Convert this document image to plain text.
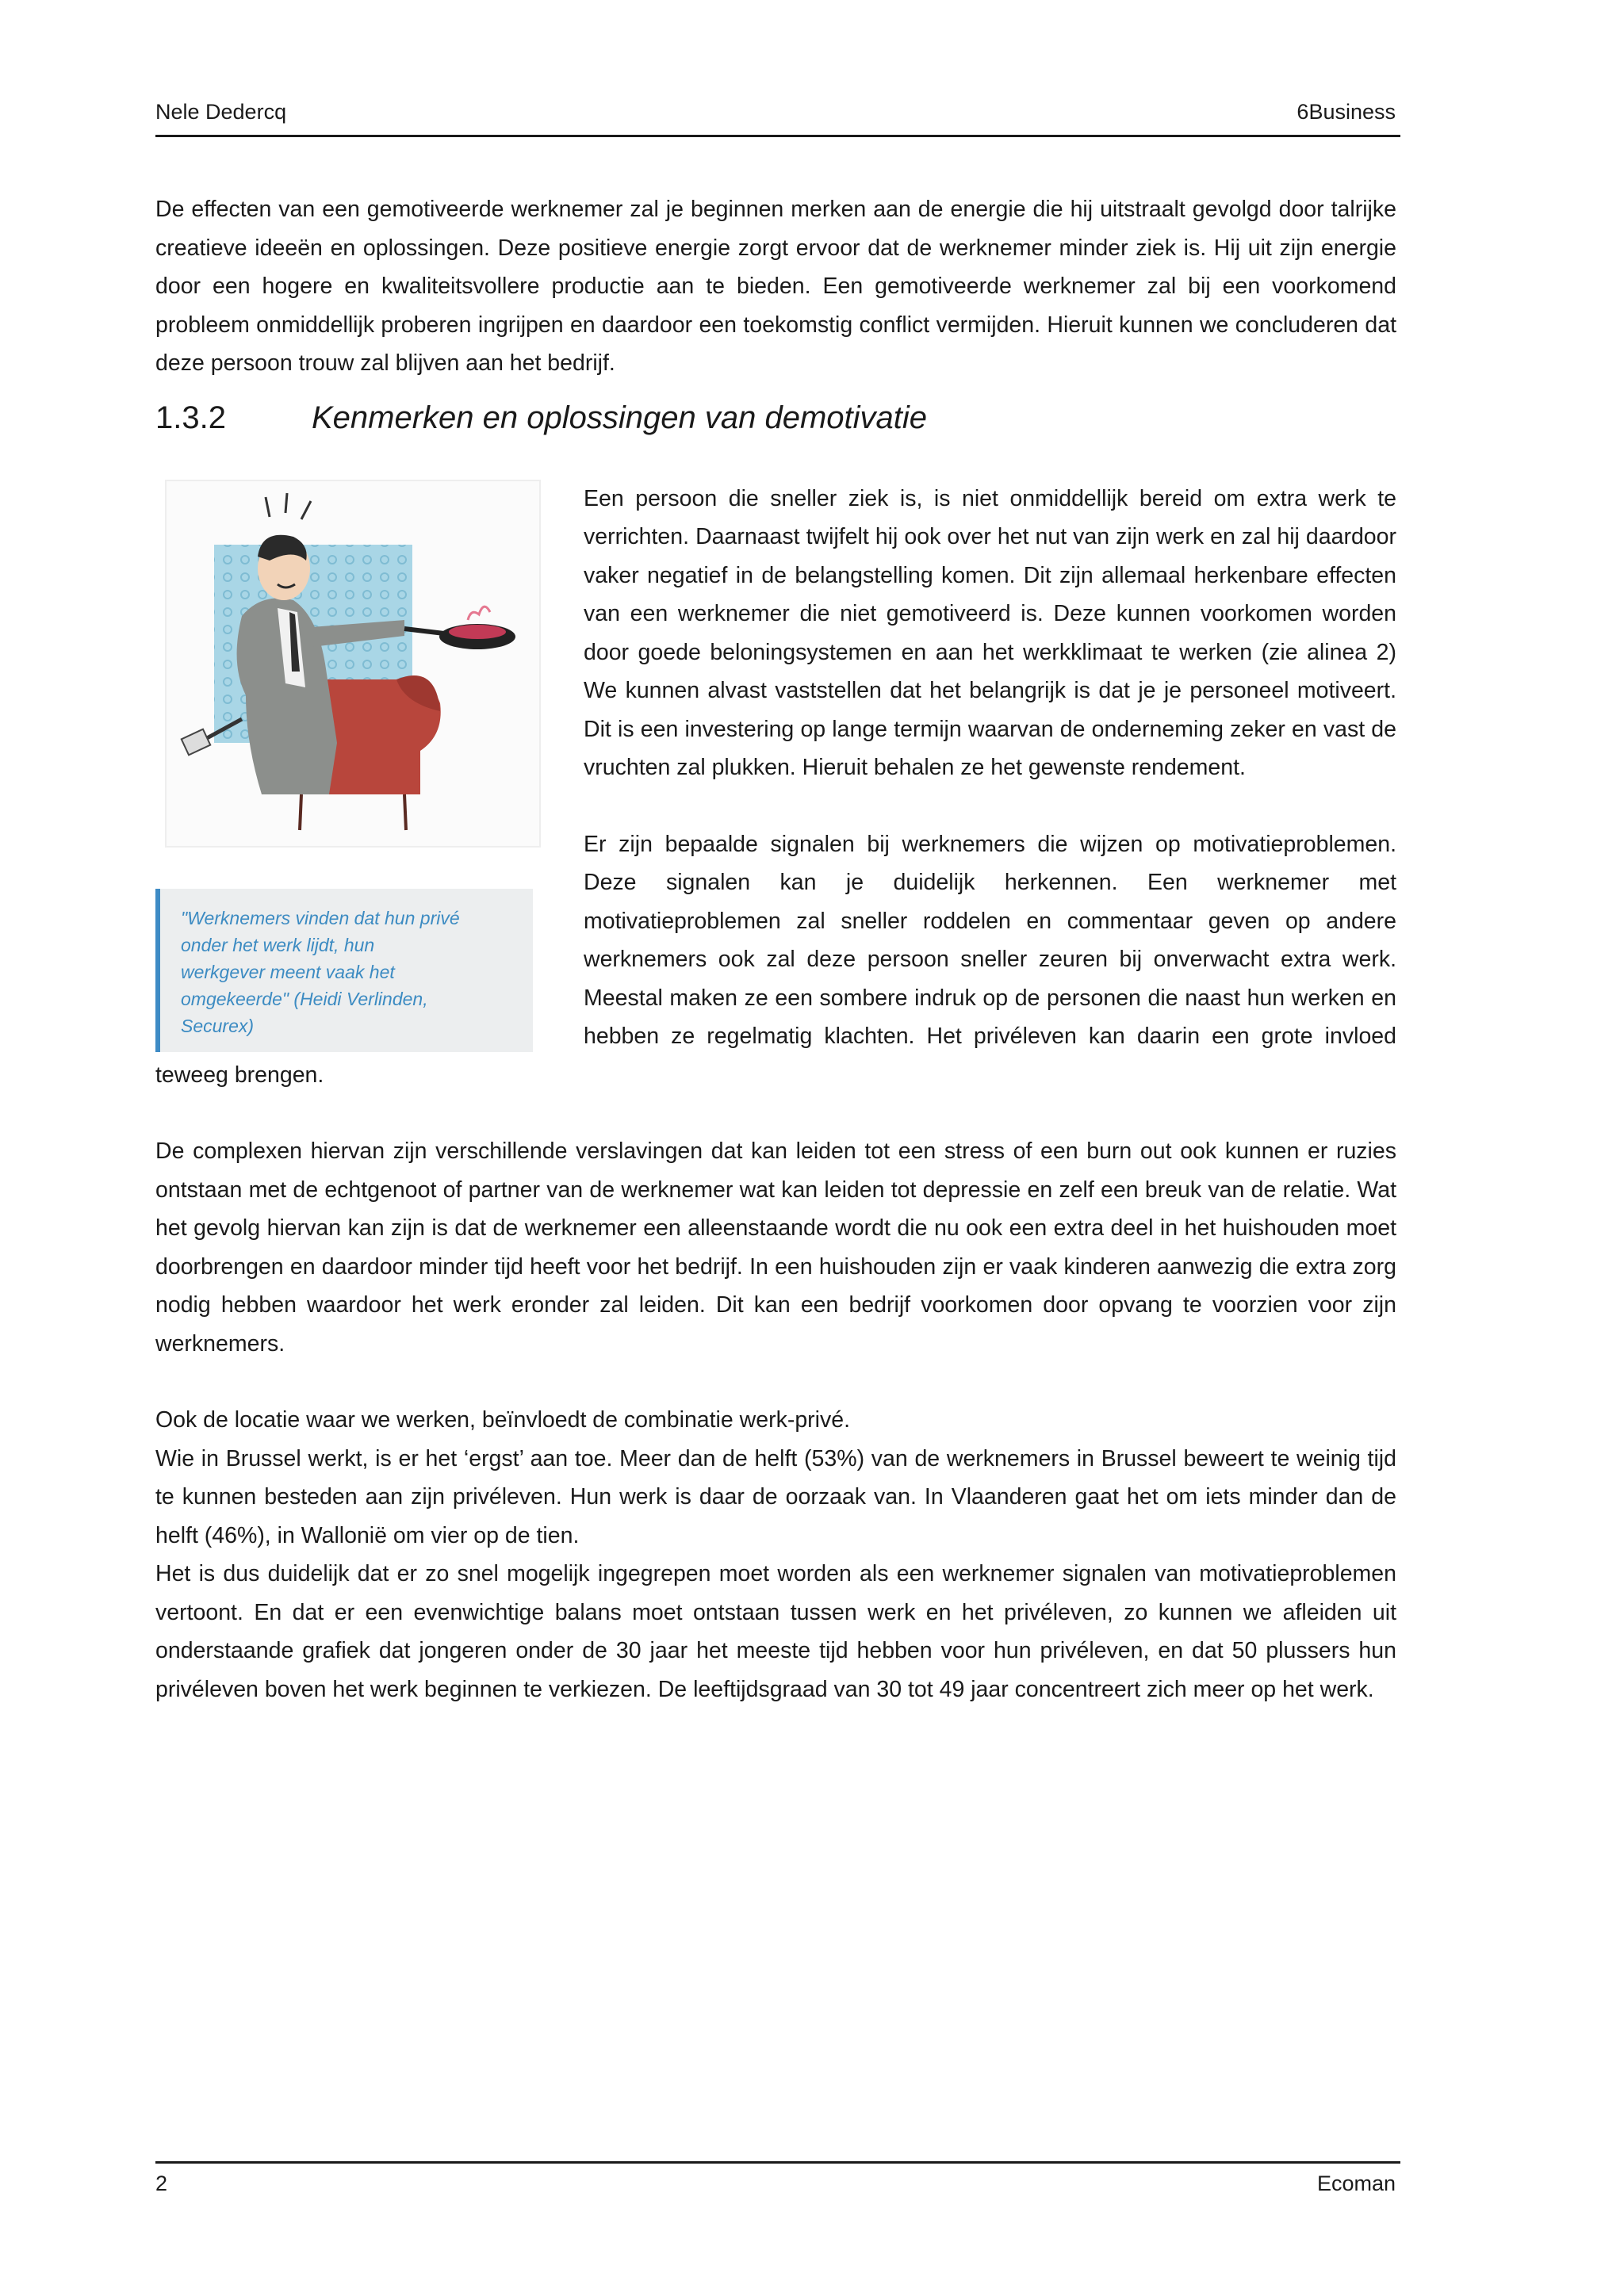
Nele Dedercq	6Business

De effecten van een gemotiveerde werknemer zal je beginnen merken aan de energie die hij uitstraalt gevolgd door talrijke creatieve ideeën en oplossingen. Deze positieve energie zorgt ervoor dat de werknemer minder ziek is. Hij uit zijn energie door een hogere en kwaliteitsvollere productie aan te bieden. Een gemotiveerde werknemer zal bij een voorkomend probleem onmiddellijk proberen ingrijpen en daardoor een toekomstig conflict vermijden. Hieruit kunnen we concluderen dat deze persoon trouw zal blijven aan het bedrijf.

1.3.2	Kenmerken en oplossingen van demotivatie
"Werknemers vinden dat hun privé
onder het werk lijdt, hun
werkgever meent vaak het
omgekeerde" (Heidi Verlinden,
Securex)

Een persoon die sneller ziek is, is niet onmiddellijk bereid om extra werk te verrichten. Daarnaast twijfelt hij ook over het nut van zijn werk en zal hij daardoor vaker negatief in de belangstelling komen. Dit zijn allemaal herkenbare effecten van een werknemer die niet gemotiveerd is. Deze kunnen voorkomen worden door goede beloningsystemen en aan het werkklimaat te werken (zie alinea 2) We kunnen alvast vaststellen dat het belangrijk is dat je je personeel motiveert. Dit is een investering op lange termijn waarvan de onderneming zeker en vast de vruchten zal plukken. Hieruit behalen ze het gewenste rendement.

Er zijn bepaalde signalen bij werknemers die wijzen op motivatieproblemen. Deze signalen kan je duidelijk herkennen. Een werknemer met motivatieproblemen zal sneller roddelen en commentaar geven op andere werknemers ook zal deze persoon sneller zeuren bij onverwacht extra werk. Meestal maken ze een sombere indruk op de personen die naast hun werken en hebben ze regelmatig klachten. Het privéleven kan daarin een grote invloed teweeg brengen.

De complexen hiervan zijn verschillende verslavingen dat kan leiden tot een stress of een burn out ook kunnen er ruzies ontstaan met de echtgenoot of partner van de werknemer wat kan leiden tot depressie en zelf een breuk van de relatie. Wat het gevolg hiervan kan zijn is dat de werknemer een alleenstaande wordt die nu ook een extra deel in het huishouden moet doorbrengen en daardoor minder tijd heeft voor het bedrijf. In een huishouden zijn er vaak kinderen aanwezig die extra zorg nodig hebben waardoor het werk eronder zal leiden. Dit kan een bedrijf voorkomen door opvang te voorzien voor zijn werknemers.

Ook de locatie waar we werken, beïnvloedt de combinatie werk-privé.

Wie in Brussel werkt, is er het ‘ergst’ aan toe. Meer dan de helft (53%) van de werknemers in Brussel beweert te weinig tijd te kunnen besteden aan zijn privéleven. Hun werk is daar de oorzaak van. In Vlaanderen gaat het om iets minder dan de helft (46%), in Wallonië om vier op de tien.

Het is dus duidelijk dat er zo snel mogelijk ingegrepen moet worden als een werknemer signalen van motivatieproblemen vertoont. En dat er een evenwichtige balans moet ontstaan tussen werk en het privéleven, zo kunnen we afleiden uit onderstaande grafiek dat jongeren onder de 30 jaar het meeste tijd hebben voor hun privéleven, en dat 50 plussers hun privéleven boven het werk beginnen te verkiezen. De leeftijdsgraad van 30 tot 49 jaar concentreert zich meer op het werk.

2	Ecoman
